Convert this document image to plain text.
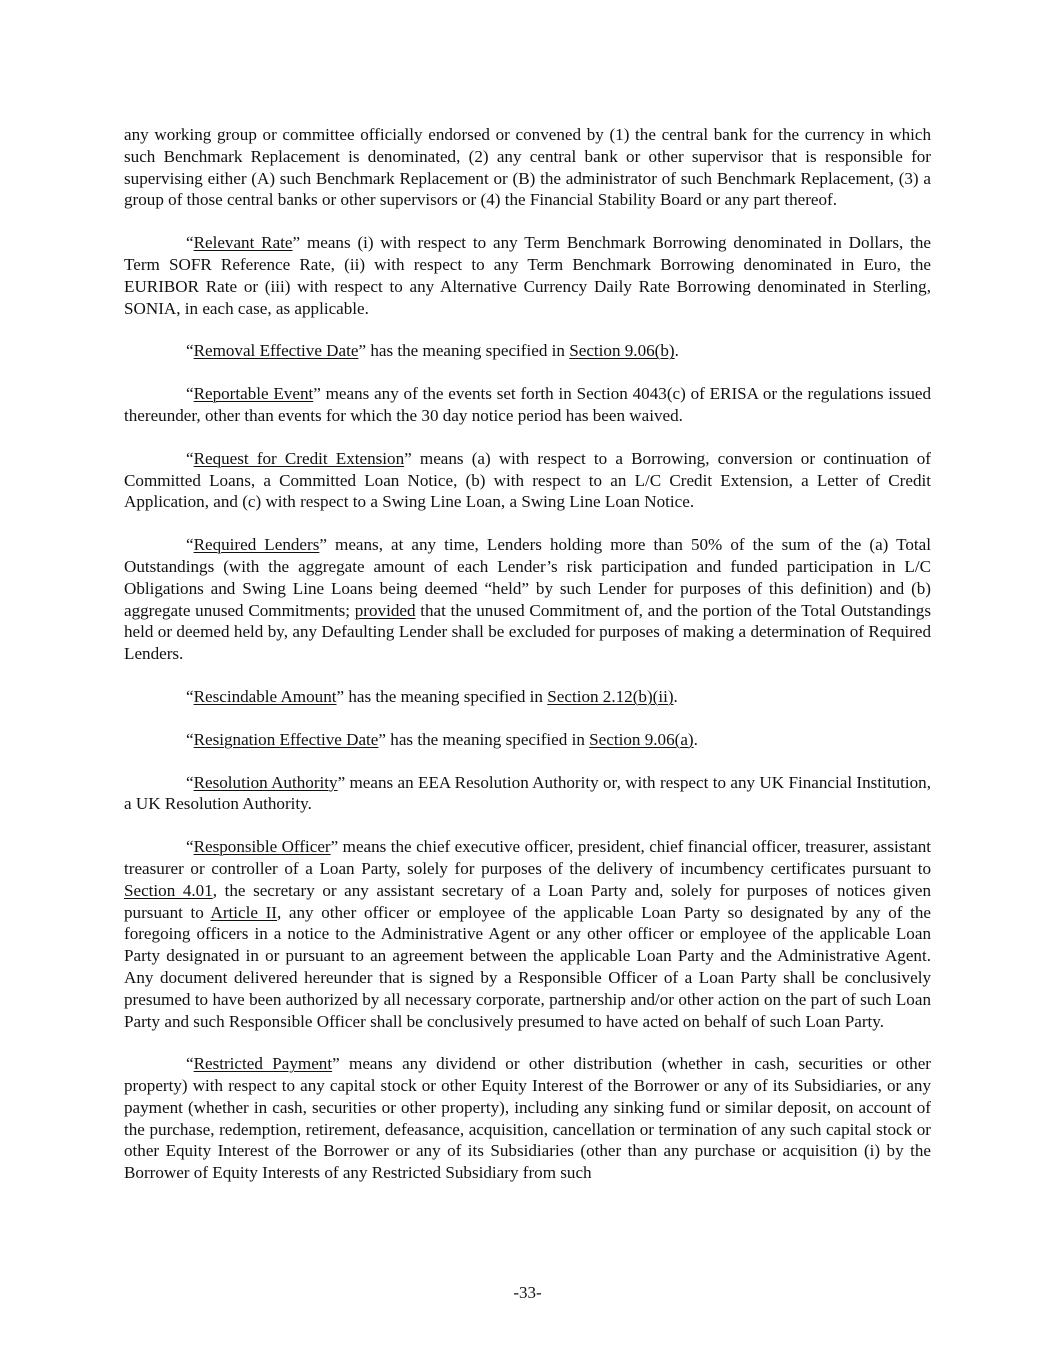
any working group or committee officially endorsed or convened by (1) the central bank for the currency in which such Benchmark Replacement is denominated, (2) any central bank or other supervisor that is responsible for supervising either (A) such Benchmark Replacement or (B) the administrator of such Benchmark Replacement, (3) a group of those central banks or other supervisors or (4) the Financial Stability Board or any part thereof.

“Relevant Rate” means (i) with respect to any Term Benchmark Borrowing denominated in Dollars, the Term SOFR Reference Rate, (ii) with respect to any Term Benchmark Borrowing denominated in Euro, the EURIBOR Rate or (iii) with respect to any Alternative Currency Daily Rate Borrowing denominated in Sterling, SONIA, in each case, as applicable.

“Removal Effective Date” has the meaning specified in Section 9.06(b).

“Reportable Event” means any of the events set forth in Section 4043(c) of ERISA or the regulations issued thereunder, other than events for which the 30 day notice period has been waived.

“Request for Credit Extension” means (a) with respect to a Borrowing, conversion or continuation of Committed Loans, a Committed Loan Notice, (b) with respect to an L/C Credit Extension, a Letter of Credit Application, and (c) with respect to a Swing Line Loan, a Swing Line Loan Notice.

“Required Lenders” means, at any time, Lenders holding more than 50% of the sum of the (a) Total Outstandings (with the aggregate amount of each Lender’s risk participation and funded participation in L/C Obligations and Swing Line Loans being deemed “held” by such Lender for purposes of this definition) and (b) aggregate unused Commitments; provided that the unused Commitment of, and the portion of the Total Outstandings held or deemed held by, any Defaulting Lender shall be excluded for purposes of making a determination of Required Lenders.

“Rescindable Amount” has the meaning specified in Section 2.12(b)(ii).

“Resignation Effective Date” has the meaning specified in Section 9.06(a).

“Resolution Authority” means an EEA Resolution Authority or, with respect to any UK Financial Institution, a UK Resolution Authority.

“Responsible Officer” means the chief executive officer, president, chief financial officer, treasurer, assistant treasurer or controller of a Loan Party, solely for purposes of the delivery of incumbency certificates pursuant to Section 4.01, the secretary or any assistant secretary of a Loan Party and, solely for purposes of notices given pursuant to Article II, any other officer or employee of the applicable Loan Party so designated by any of the foregoing officers in a notice to the Administrative Agent or any other officer or employee of the applicable Loan Party designated in or pursuant to an agreement between the applicable Loan Party and the Administrative Agent. Any document delivered hereunder that is signed by a Responsible Officer of a Loan Party shall be conclusively presumed to have been authorized by all necessary corporate, partnership and/or other action on the part of such Loan Party and such Responsible Officer shall be conclusively presumed to have acted on behalf of such Loan Party.

“Restricted Payment” means any dividend or other distribution (whether in cash, securities or other property) with respect to any capital stock or other Equity Interest of the Borrower or any of its Subsidiaries, or any payment (whether in cash, securities or other property), including any sinking fund or similar deposit, on account of the purchase, redemption, retirement, defeasance, acquisition, cancellation or termination of any such capital stock or other Equity Interest of the Borrower or any of its Subsidiaries (other than any purchase or acquisition (i) by the Borrower of Equity Interests of any Restricted Subsidiary from such

-33-
